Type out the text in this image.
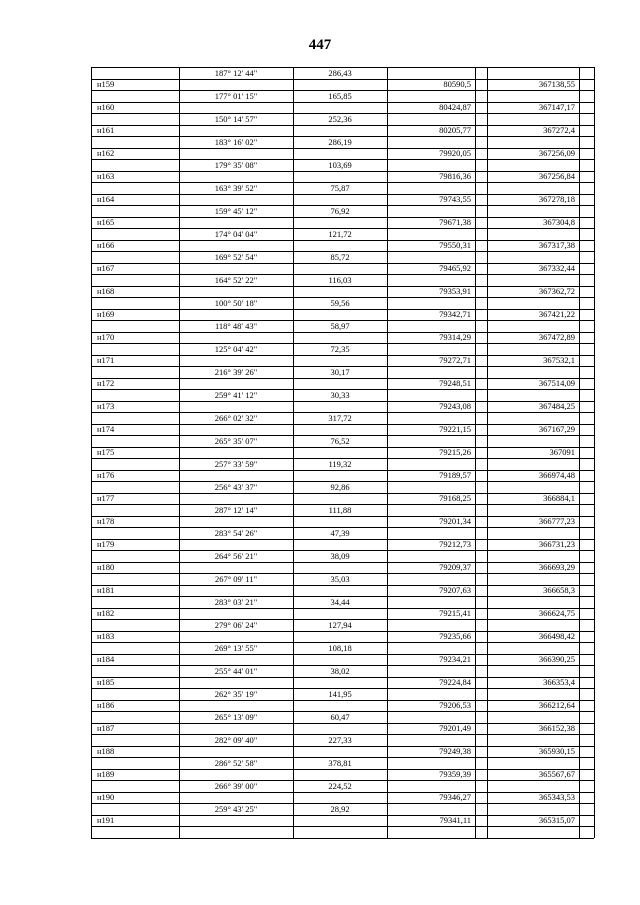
447
187° 12' 44"	286,43
н159	80590,5	367138,55
177° 01' 15"	165,85
н160	80424,87	367147,17
150° 14' 57"	252,36
н161	80205,77	367272,4
183° 16' 02"	286,19
н162	79920,05	367256,09
179° 35' 08"	103,69
н163	79816,36	367256,84
163° 39' 52"	75,87
н164	79743,55	367278,18
159° 45' 12"	76,92
н165	79671,38	367304,8
174° 04' 04"	121,72
н166	79550,31	367317,38
169° 52' 54"	85,72
н167	79465,92	367332,44
164° 52' 22"	116,03
н168	79353,91	367362,72
100° 50' 18"	59,56
н169	79342,71	367421,22
118° 48' 43"	58,97
н170	79314,29	367472,89
125° 04' 42"	72,35
н171	79272,71	367532,1
216° 39' 26"	30,17
н172	79248,51	367514,09
259° 41' 12"	30,33
н173	79243,08	367484,25
266° 02' 32"	317,72
н174	79221,15	367167,29
265° 35' 07"	76,52
н175	79215,26	367091
257° 33' 59"	119,32
н176	79189,57	366974,48
256° 43' 37"	92,86
н177	79168,25	366884,1
287° 12' 14"	111,88
н178	79201,34	366777,23
283° 54' 26"	47,39
н179	79212,73	366731,23
264° 56' 21"	38,09
н180	79209,37	366693,29
267° 09' 11"	35,03
н181	79207,63	366658,3
283° 03' 21"	34,44
н182	79215,41	366624,75
279° 06' 24"	127,94
н183	79235,66	366498,42
269° 13' 55"	108,18
н184	79234,21	366390,25
255° 44' 01"	38,02
н185	79224,84	366353,4
262° 35' 19"	141,95
н186	79206,53	366212,64
265° 13' 09"	60,47
н187	79201,49	366152,38
282° 09' 40"	227,33
н188	79249,38	365930,15
286° 52' 58"	378,81
н189	79359,39	365567,67
266° 39' 00"	224,52
н190	79346,27	365343,53
259° 43' 25"	28,92
н191	79341,11	365315,07
